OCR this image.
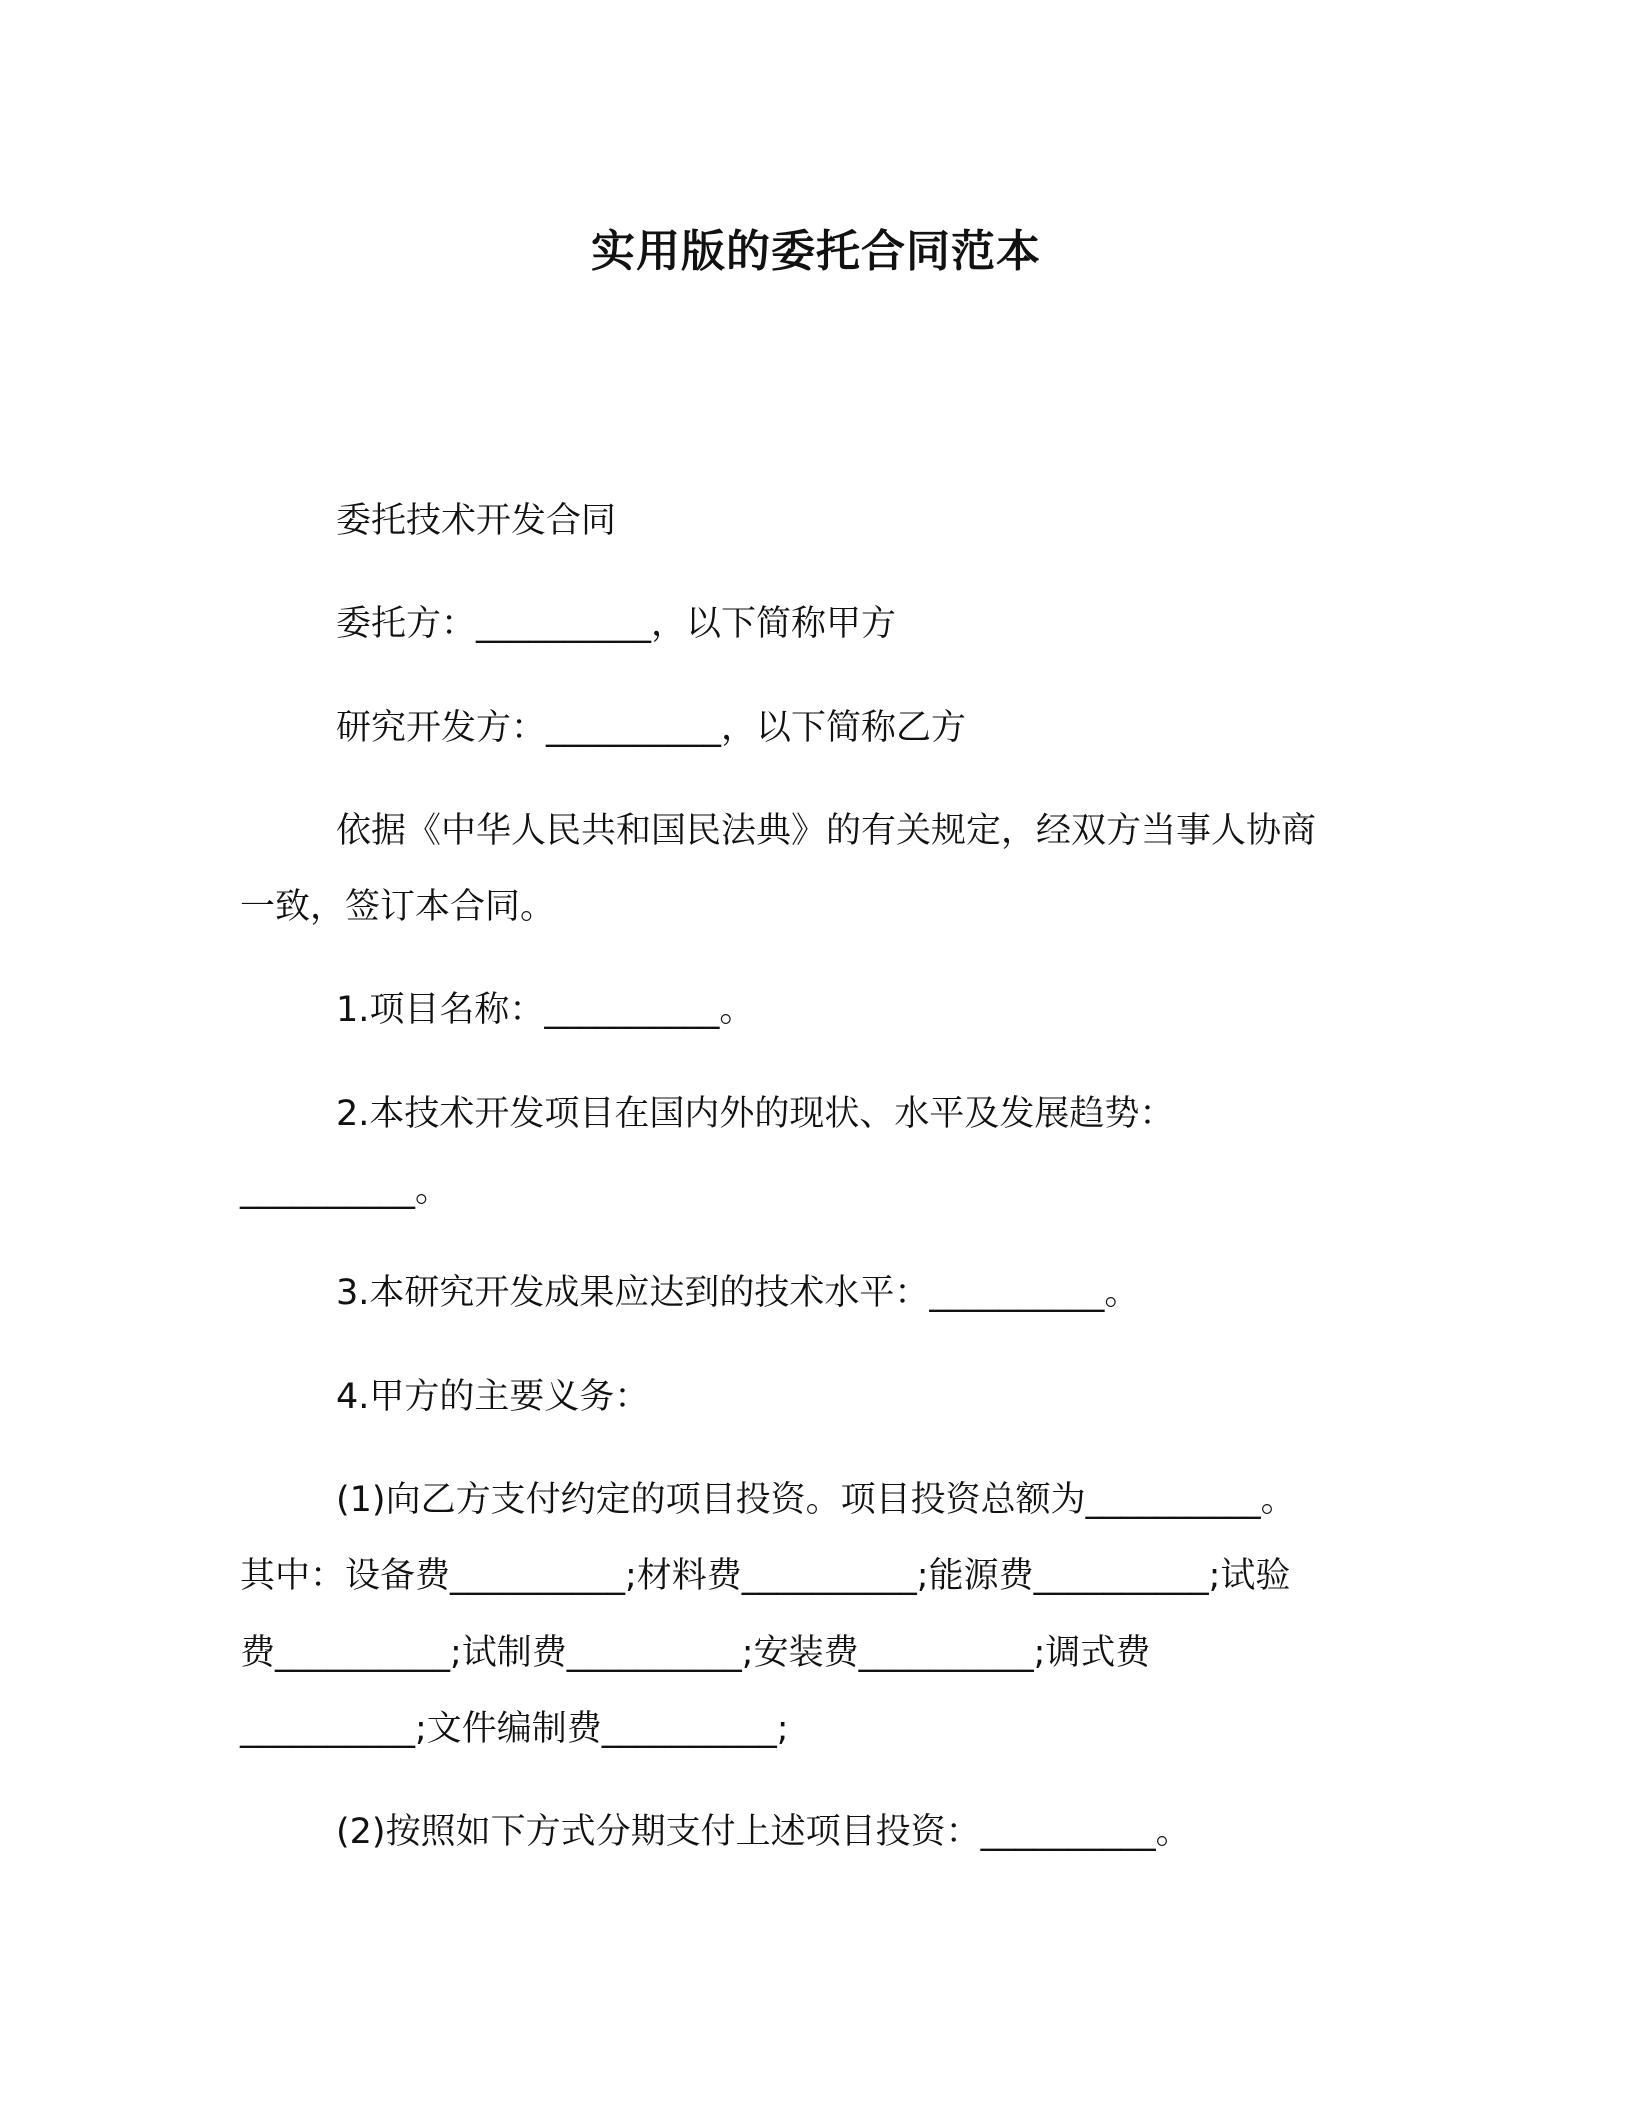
实用版的委托合同范本
委托技术开发合同
委托方：__________，以下简称甲方
研究开发方：__________，以下简称乙方
依据《中华人民共和国民法典》的有关规定，经双方当事人协商
一致，签订本合同。
1.项目名称：__________。
2.本技术开发项目在国内外的现状、水平及发展趋势：
__________。
3.本研究开发成果应达到的技术水平：__________。
4.甲方的主要义务：
(1)向乙方支付约定的项目投资。项目投资总额为__________。
其中：设备费__________;材料费__________;能源费__________;试验
费__________;试制费__________;安装费__________;调式费
__________;文件编制费__________;
(2)按照如下方式分期支付上述项目投资：__________。
